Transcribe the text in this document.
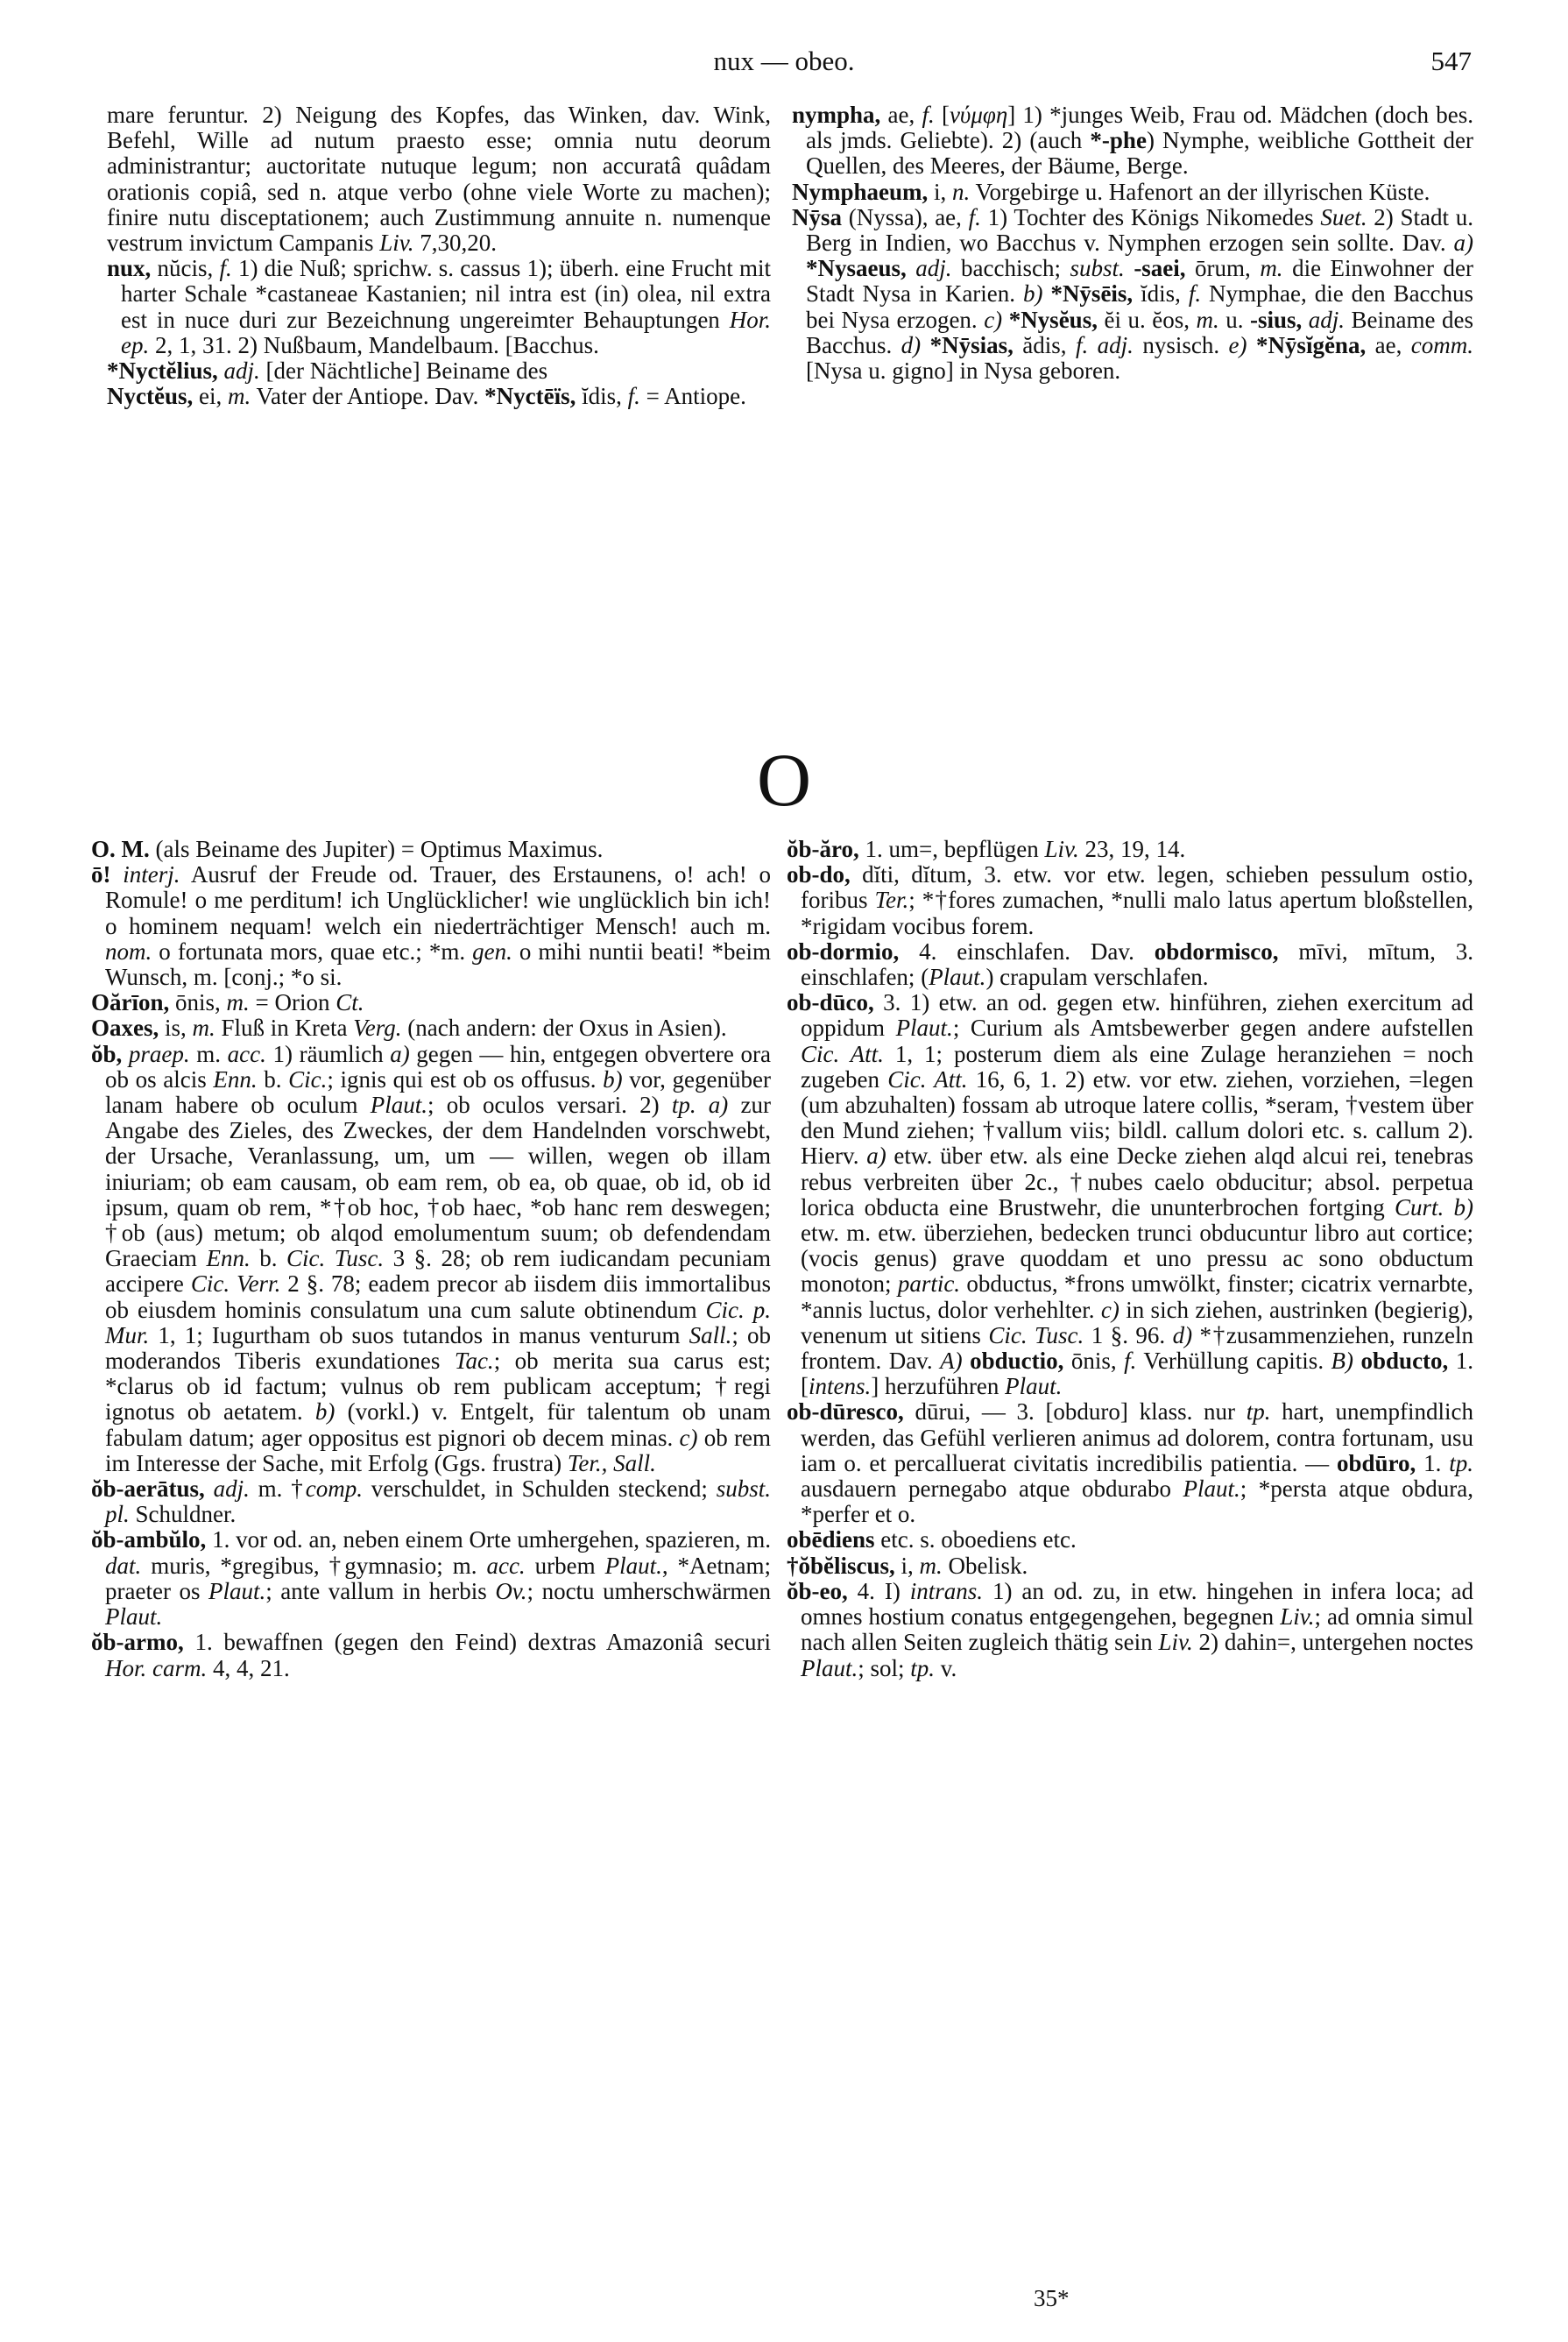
nux — obeo.	547

mare feruntur. 2) Neigung des Kopfes, das Winken, dav. Wink, Befehl, Wille ad nutum praesto esse; omnia nutu deorum administrantur; auctoritate nutuque legum; non accuratâ quâdam orationis copiâ, sed n. atque verbo (ohne viele Worte zu machen); finire nutu disceptationem; auch Zustimmung annuite n. numenque vestrum invictum Campanis Liv. 7,30,20.

nux, nŭcis, f. 1) die Nuß; sprichw. s. cassus 1); überh. eine Frucht mit harter Schale *castaneae Kastanien; nil intra est (in) olea, nil extra est in nuce duri zur Bezeichnung ungereimter Behauptungen Hor. ep. 2, 1, 31. 2) Nußbaum, Mandelbaum. [Bacchus.

*Nyctĕlius, adj. [der Nächtliche] Beiname des

Nyctĕus, ei, m. Vater der Antiope. Dav. *Nyctēïs, ĭdis, f. = Antiope.

nympha, ae, f. [νύμφη] 1) *junges Weib, Frau od. Mädchen (doch bes. als jmds. Geliebte). 2) (auch *-phe) Nymphe, weibliche Gottheit der Quellen, des Meeres, der Bäume, Berge.

Nymphaeum, i, n. Vorgebirge u. Hafenort an der illyrischen Küste.

Nȳsa (Nyssa), ae, f. 1) Tochter des Königs Nikomedes Suet. 2) Stadt u. Berg in Indien, wo Bacchus v. Nymphen erzogen sein sollte. Dav. a) *Nysaeus, adj. bacchisch; subst. -saei, ōrum, m. die Einwohner der Stadt Nysa in Karien. b) *Nȳsēis, ĭdis, f. Nymphae, die den Bacchus bei Nysa erzogen. c) *Nysĕus, ĕi u. ĕos, m. u. -sius, adj. Beiname des Bacchus. d) *Nȳsias, ădis, f. adj. nysisch. e) *Nȳsĭgĕna, ae, comm. [Nysa u. gigno] in Nysa geboren.

O

O. M. (als Beiname des Jupiter) = Optimus Maximus.

ō! interj. Ausruf der Freude od. Trauer, des Erstaunens, o! ach! o Romule! o me perditum! ich Unglücklicher! wie unglücklich bin ich! o hominem nequam! welch ein niederträchtiger Mensch! auch m. nom. o fortunata mors, quae etc.; *m. gen. o mihi nuntii beati! *beim Wunsch, m. [conj.; *o si.

Oărīon, ōnis, m. = Orion Ct.

Oaxes, is, m. Fluß in Kreta Verg. (nach andern: der Oxus in Asien).

ŏb, praep. m. acc. 1) räumlich a) gegen — hin, entgegen obvertere ora ob os alcis Enn. b. Cic.; ignis qui est ob os offusus. b) vor, gegenüber lanam habere ob oculum Plaut.; ob oculos versari. 2) tp. a) zur Angabe des Zieles, des Zweckes, der dem Handelnden vorschwebt, der Ursache, Veranlassung, um, um — willen, wegen ob illam iniuriam; ob eam causam, ob eam rem, ob ea, ob quae, ob id, ob id ipsum, quam ob rem, *†ob hoc, †ob haec, *ob hanc rem deswegen; †ob (aus) metum; ob alqod emolumentum suum; ob defendendam Graeciam Enn. b. Cic. Tusc. 3 §. 28; ob rem iudicandam pecuniam accipere Cic. Verr. 2 §. 78; eadem precor ab iisdem diis immortalibus ob eiusdem hominis consulatum una cum salute obtinendum Cic. p. Mur. 1, 1; Iugurtham ob suos tutandos in manus venturum Sall.; ob moderandos Tiberis exundationes Tac.; ob merita sua carus est; *clarus ob id factum; vulnus ob rem publicam acceptum; †regi ignotus ob aetatem. b) (vorkl.) v. Entgelt, für talentum ob unam fabulam datum; ager oppositus est pignori ob decem minas. c) ob rem im Interesse der Sache, mit Erfolg (Ggs. frustra) Ter., Sall.

ŏb-aerātus, adj. m. †comp. verschuldet, in Schulden steckend; subst. pl. Schuldner.

ŏb-ambŭlo, 1. vor od. an, neben einem Orte umhergehen, spazieren, m. dat. muris, *gregibus, †gymnasio; m. acc. urbem Plaut., *Aetnam; praeter os Plaut.; ante vallum in herbis Ov.; noctu umherschwärmen Plaut.

ŏb-armo, 1. bewaffnen (gegen den Feind) dextras Amazoniâ securi Hor. carm. 4, 4, 21.

ŏb-ăro, 1. um=, bepflügen Liv. 23, 19, 14.

ob-do, dĭti, dĭtum, 3. etw. vor etw. legen, schieben pessulum ostio, foribus Ter.; *†fores zumachen, *nulli malo latus apertum bloßstellen, *rigidam vocibus forem.

ob-dormio, 4. einschlafen. Dav. obdormisco, mīvi, mītum, 3. einschlafen; (Plaut.) crapulam verschlafen.

ob-dūco, 3. 1) etw. an od. gegen etw. hinführen, ziehen exercitum ad oppidum Plaut.; Curium als Amtsbewerber gegen andere aufstellen Cic. Att. 1, 1; posterum diem als eine Zulage heranziehen = noch zugeben Cic. Att. 16, 6, 1. 2) etw. vor etw. ziehen, vorziehen, =legen (um abzuhalten) fossam ab utroque latere collis, *seram, †vestem über den Mund ziehen; †vallum viis; bildl. callum dolori etc. s. callum 2). Hierv. a) etw. über etw. als eine Decke ziehen alqd alcui rei, tenebras rebus verbreiten über 2c., †nubes caelo obducitur; absol. perpetua lorica obducta eine Brustwehr, die ununterbrochen fortging Curt. b) etw. m. etw. überziehen, bedecken trunci obducuntur libro aut cortice; (vocis genus) grave quoddam et uno pressu ac sono obductum monoton; partic. obductus, *frons umwölkt, finster; cicatrix vernarbte, *annis luctus, dolor verhehlter. c) in sich ziehen, austrinken (begierig), venenum ut sitiens Cic. Tusc. 1 §. 96. d) *†zusammenziehen, runzeln frontem. Dav. A) obductio, ōnis, f. Verhüllung capitis. B) obducto, 1. [intens.] herzuführen Plaut.

ob-dūresco, dūrui, — 3. [obduro] klass. nur tp. hart, unempfindlich werden, das Gefühl verlieren animus ad dolorem, contra fortunam, usu iam o. et percalluerat civitatis incredibilis patientia. — obdūro, 1. tp. ausdauern pernegabo atque obdurabo Plaut.; *persta atque obdura, *perfer et o.

obēdiens etc. s. oboediens etc.

†ŏbĕliscus, i, m. Obelisk.

ŏb-eo, 4. I) intrans. 1) an od. zu, in etw. hingehen in infera loca; ad omnes hostium conatus entgegengehen, begegnen Liv.; ad omnia simul nach allen Seiten zugleich thätig sein Liv. 2) dahin=, untergehen noctes Plaut.; sol; tp. v.

35*
